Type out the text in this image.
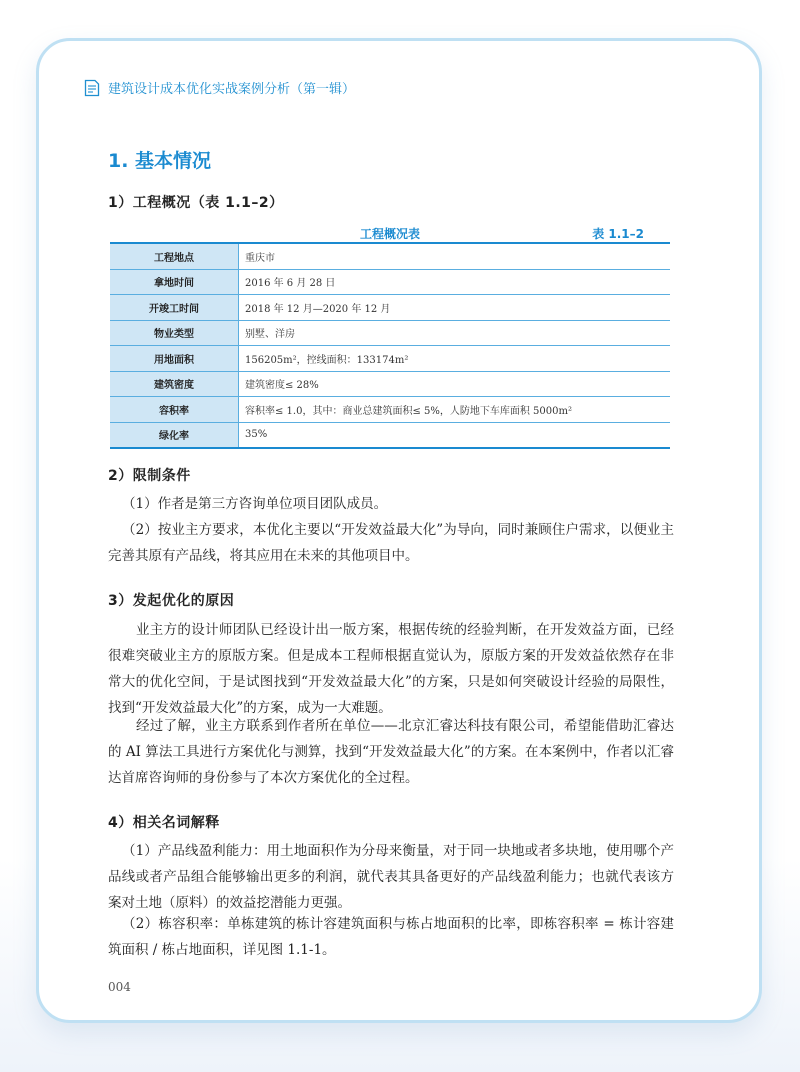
建筑设计成本优化实战案例分析（第一辑）
1. 基本情况
1）工程概况（表 1.1–2）
工程概况表	表 1.1–2
工程地点	重庆市
拿地时间	2016 年 6 月 28 日
开竣工时间	2018 年 12 月—2020 年 12 月
物业类型	别墅、洋房
用地面积	156205m²，控线面积：133174m²
建筑密度	建筑密度≤ 28%
容积率	容积率≤ 1.0，其中：商业总建筑面积≤ 5%，人防地下车库面积 5000m²
绿化率	35%
2）限制条件

（1）作者是第三方咨询单位项目团队成员。

（2）按业主方要求，本优化主要以“开发效益最大化”为导向，同时兼顾住户需求，以便业主完善其原有产品线，将其应用在未来的其他项目中。

3）发起优化的原因

业主方的设计师团队已经设计出一版方案，根据传统的经验判断，在开发效益方面，已经很难突破业主方的原版方案。但是成本工程师根据直觉认为，原版方案的开发效益依然存在非常大的优化空间，于是试图找到“开发效益最大化”的方案，只是如何突破设计经验的局限性，找到“开发效益最大化”的方案，成为一大难题。

经过了解，业主方联系到作者所在单位——北京汇睿达科技有限公司，希望能借助汇睿达的 AI 算法工具进行方案优化与测算，找到“开发效益最大化”的方案。在本案例中，作者以汇睿达首席咨询师的身份参与了本次方案优化的全过程。

4）相关名词解释

（1）产品线盈利能力：用土地面积作为分母来衡量，对于同一块地或者多块地，使用哪个产品线或者产品组合能够输出更多的利润，就代表其具备更好的产品线盈利能力；也就代表该方案对土地（原料）的效益挖潜能力更强。

（2）栋容积率：单栋建筑的栋计容建筑面积与栋占地面积的比率，即栋容积率 = 栋计容建筑面积 / 栋占地面积，详见图 1.1-1。

004
